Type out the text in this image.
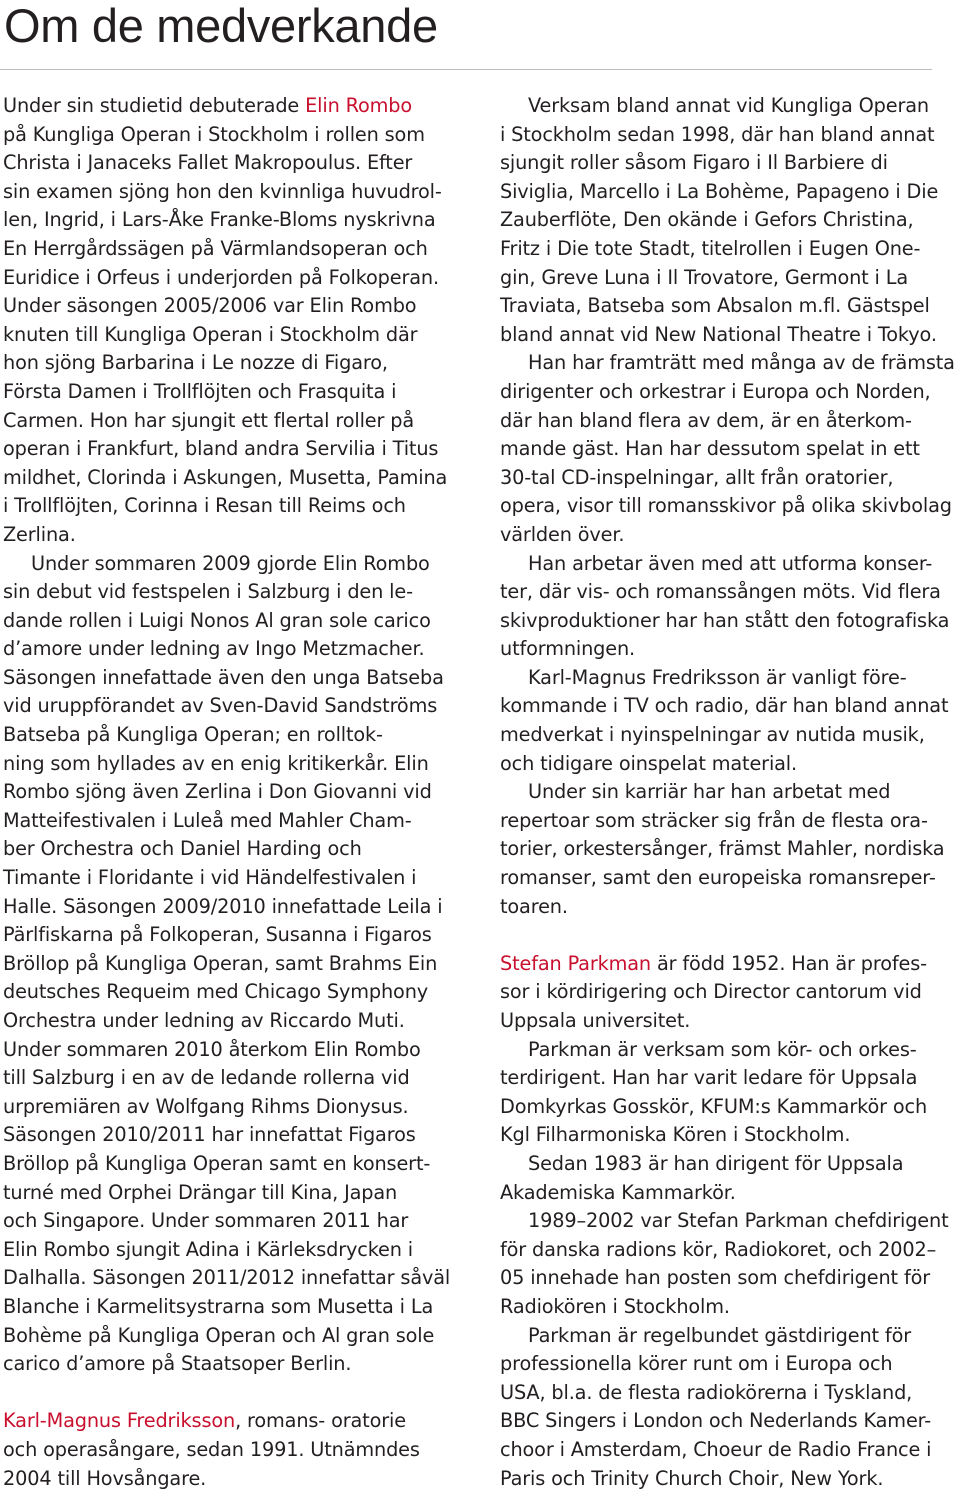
Om de medverkande
Under sin studietid debuterade Elin Rombo
på Kungliga Operan i Stockholm i rollen som
Christa i Janaceks Fallet Makropoulus. Efter
sin examen sjöng hon den kvinnliga huvudrol-
len, Ingrid, i Lars-Åke Franke-Bloms nyskrivna
En Herrgårdssägen på Värmlandsoperan och
Euridice i Orfeus i underjorden på Folkoperan.
Under säsongen 2005/2006 var Elin Rombo
knuten till Kungliga Operan i Stockholm där
hon sjöng Barbarina i Le nozze di Figaro,
Första Damen i Trollflöjten och Frasquita i
Carmen. Hon har sjungit ett flertal roller på
operan i Frankfurt, bland andra Servilia i Titus
mildhet, Clorinda i Askungen, Musetta, Pamina
i Trollflöjten, Corinna i Resan till Reims och
Zerlina.
Under sommaren 2009 gjorde Elin Rombo
sin debut vid festspelen i Salzburg i den le-
dande rollen i Luigi Nonos Al gran sole carico
d’amore under ledning av Ingo Metzmacher.
Säsongen innefattade även den unga Batseba
vid uruppförandet av Sven-David Sandströms
Batseba på Kungliga Operan; en rolltok-
ning som hyllades av en enig kritikerkår. Elin
Rombo sjöng även Zerlina i Don Giovanni vid
Matteifestivalen i Luleå med Mahler Cham-
ber Orchestra och Daniel Harding och
Timante i Floridante i vid Händelfestivalen i
Halle. Säsongen 2009/2010 innefattade Leila i
Pärlfiskarna på Folkoperan, Susanna i Figaros
Bröllop på Kungliga Operan, samt Brahms Ein
deutsches Requeim med Chicago Symphony
Orchestra under ledning av Riccardo Muti.
Under sommaren 2010 återkom Elin Rombo
till Salzburg i en av de ledande rollerna vid
urpremiären av Wolfgang Rihms Dionysus.
Säsongen 2010/2011 har innefattat Figaros
Bröllop på Kungliga Operan samt en konsert-
turné med Orphei Drängar till Kina, Japan
och Singapore. Under sommaren 2011 har
Elin Rombo sjungit Adina i Kärleksdrycken i
Dalhalla. Säsongen 2011/2012 innefattar såväl
Blanche i Karmelitsystrarna som Musetta i La
Bohème på Kungliga Operan och Al gran sole
carico d’amore på Staatsoper Berlin.
Karl-Magnus Fredriksson, romans- oratorie
och operasångare, sedan 1991. Utnämndes
2004 till Hovsångare.
Verksam bland annat vid Kungliga Operan
i Stockholm sedan 1998, där han bland annat
sjungit roller såsom Figaro i Il Barbiere di
Siviglia, Marcello i La Bohème, Papageno i Die
Zauberflöte, Den okände i Gefors Christina,
Fritz i Die tote Stadt, titelrollen i Eugen One-
gin, Greve Luna i Il Trovatore, Germont i La
Traviata, Batseba som Absalon m.fl. Gästspel
bland annat vid New National Theatre i Tokyo.
Han har framträtt med många av de främsta
dirigenter och orkestrar i Europa och Norden,
där han bland flera av dem, är en återkom-
mande gäst. Han har dessutom spelat in ett
30-tal CD-inspelningar, allt från oratorier,
opera, visor till romansskivor på olika skivbolag
världen över.
Han arbetar även med att utforma konser-
ter, där vis- och romanssången möts. Vid flera
skivproduktioner har han stått den fotografiska
utformningen.
Karl-Magnus Fredriksson är vanligt före-
kommande i TV och radio, där han bland annat
medverkat i nyinspelningar av nutida musik,
och tidigare oinspelat material.
Under sin karriär har han arbetat med
repertoar som sträcker sig från de flesta ora-
torier, orkestersånger, främst Mahler, nordiska
romanser, samt den europeiska romansreper-
toaren.
Stefan Parkman är född 1952. Han är profes-
sor i kördirigering och Director cantorum vid
Uppsala universitet.
Parkman är verksam som kör- och orkes-
terdirigent. Han har varit ledare för Uppsala
Domkyrkas Gosskör, KFUM:s Kammarkör och
Kgl Filharmoniska Kören i Stockholm.
Sedan 1983 är han dirigent för Uppsala
Akademiska Kammarkör.
1989–2002 var Stefan Parkman chefdirigent
för danska radions kör, Radiokoret, och 2002–
05 innehade han posten som chefdirigent för
Radiokören i Stockholm.
Parkman är regelbundet gästdirigent för
professionella körer runt om i Europa och
USA, bl.a. de flesta radiokörerna i Tyskland,
BBC Singers i London och Nederlands Kamer-
choor i Amsterdam, Choeur de Radio France i
Paris och Trinity Church Choir, New York.
